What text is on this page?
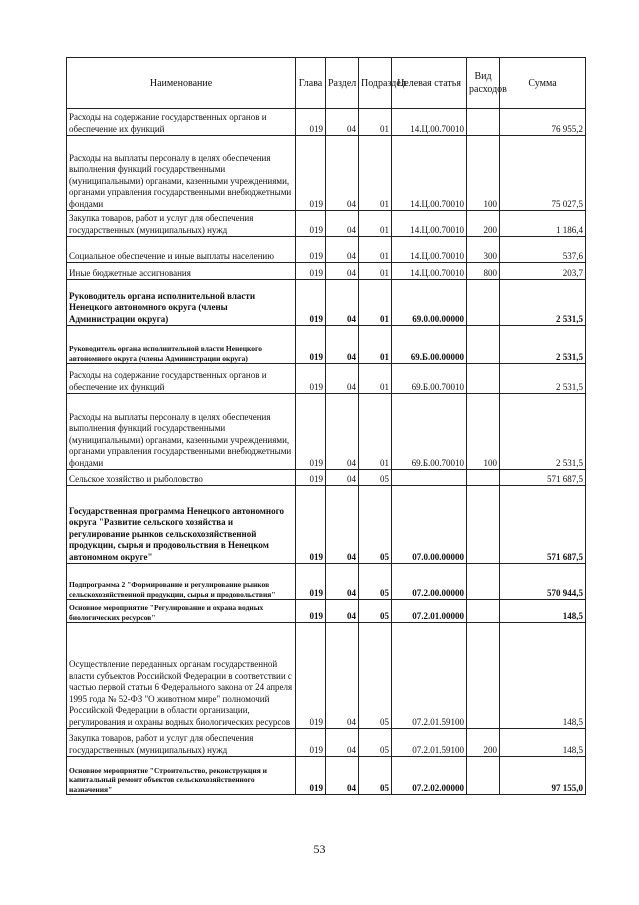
Наименование	Глава	Раздел	Подраздел	Целевая статья	Вид расходов	Сумма
Расходы на содержание государственных органов и обеспечение их функций	019	04	01	14.Ц.00.70010		76 955,2
Расходы на выплаты персоналу в целях обеспечения выполнения функций государственными (муниципальными) органами, казенными учреждениями, органами управления государственными внебюджетными фондами	019	04	01	14.Ц.00.70010	100	75 027,5
Закупка товаров, работ и услуг для обеспечения государственных (муниципальных) нужд	019	04	01	14.Ц.00.70010	200	1 186,4
Социальное обеспечение и иные выплаты населению	019	04	01	14.Ц.00.70010	300	537,6
Иные бюджетные ассигнования	019	04	01	14.Ц.00.70010	800	203,7
Руководитель органа исполнительной власти Ненецкого автономного округа (члены Администрации округа)	019	04	01	69.0.00.00000		2 531,5
Руководитель органа исполнительной власти Ненецкого автономного округа (члены Администрации округа)	019	04	01	69.Б.00.00000		2 531,5
Расходы на содержание государственных органов и обеспечение их функций	019	04	01	69.Б.00.70010		2 531,5
Расходы на выплаты персоналу в целях обеспечения выполнения функций государственными (муниципальными) органами, казенными учреждениями, органами управления государственными внебюджетными фондами	019	04	01	69.Б.00.70010	100	2 531,5
Сельское хозяйство и рыболовство	019	04	05			571 687,5
Государственная программа Ненецкого автономного округа "Развитие сельского хозяйства и регулирование рынков сельскохозяйственной продукции, сырья и продовольствия в Ненецком автономном округе"	019	04	05	07.0.00.00000		571 687,5
Подпрограмма 2 "Формирование и регулирование рынков сельскохозяйственной продукции, сырья и продовольствия"	019	04	05	07.2.00.00000		570 944,5
Основное мероприятие "Регулирование и охрана водных биологических ресурсов"	019	04	05	07.2.01.00000		148,5
Осуществление переданных органам государственной власти субъектов Российской Федерации в соответствии с частью первой статьи 6 Федерального закона от 24 апреля 1995 года № 52-ФЗ "О животном мире" полномочий Российской Федерации в области организации, регулирования и охраны водных биологических ресурсов	019	04	05	07.2.01.59100		148,5
Закупка товаров, работ и услуг для обеспечения государственных (муниципальных) нужд	019	04	05	07.2.01.59100	200	148,5
Основное мероприятие "Строительство, реконструкция и капитальный ремонт объектов сельскохозяйственного назначения"	019	04	05	07.2.02.00000		97 155,0
53
